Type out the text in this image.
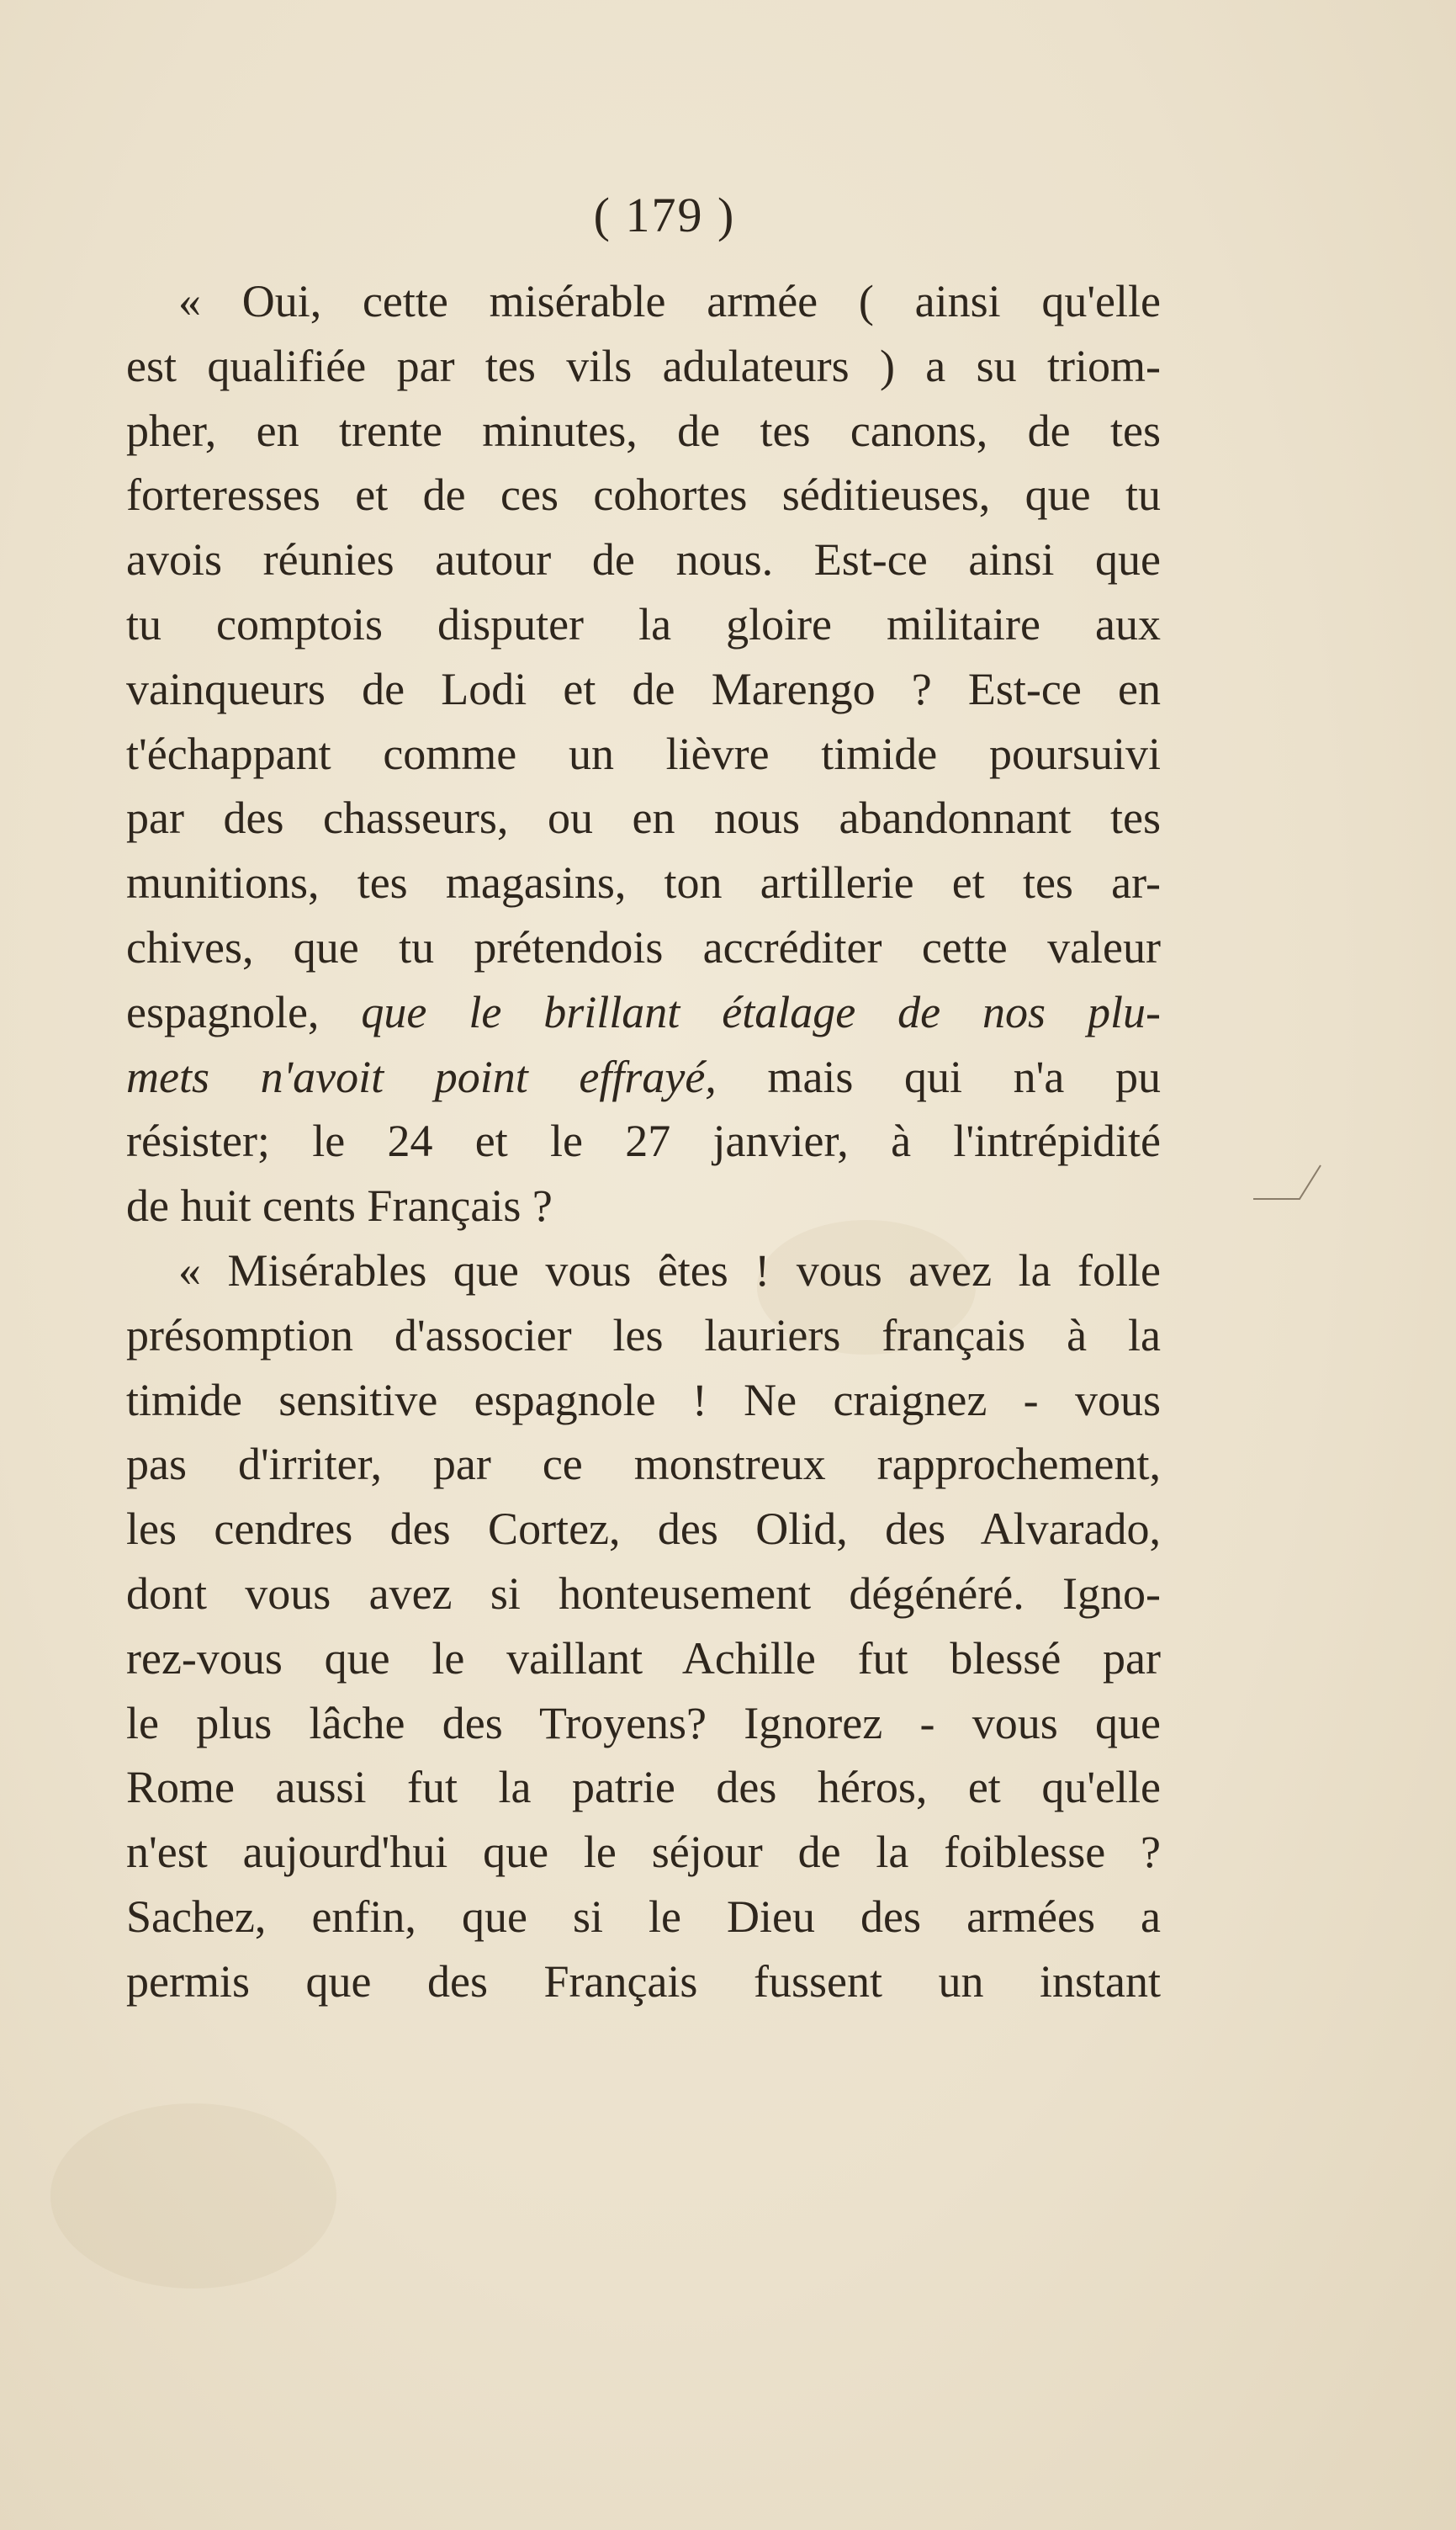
( 179 )
« Oui, cette misérable armée ( ainsi qu'elle
est qualifiée par tes vils adulateurs ) a su triom-
pher, en trente minutes, de tes canons, de tes
forteresses et de ces cohortes séditieuses, que tu
avois réunies autour de nous. Est-ce ainsi que
tu comptois disputer la gloire militaire aux
vainqueurs de Lodi et de Marengo ? Est-ce en
t'échappant comme un lièvre timide poursuivi
par des chasseurs, ou en nous abandonnant tes
munitions, tes magasins, ton artillerie et tes ar-
chives, que tu prétendois accréditer cette valeur
espagnole, que le brillant étalage de nos plu-
mets n'avoit point effrayé, mais qui n'a pu
résister; le 24 et le 27 janvier, à l'intrépidité
de huit cents Français ?
« Misérables que vous êtes ! vous avez la folle
présomption d'associer les lauriers français à la
timide sensitive espagnole ! Ne craignez - vous
pas d'irriter, par ce monstreux rapprochement,
les cendres des Cortez, des Olid, des Alvarado,
dont vous avez si honteusement dégénéré. Igno-
rez-vous que le vaillant Achille fut blessé par
le plus lâche des Troyens? Ignorez - vous que
Rome aussi fut la patrie des héros, et qu'elle
n'est aujourd'hui que le séjour de la foiblesse ?
Sachez, enfin, que si le Dieu des armées a
permis que des Français fussent un instant
